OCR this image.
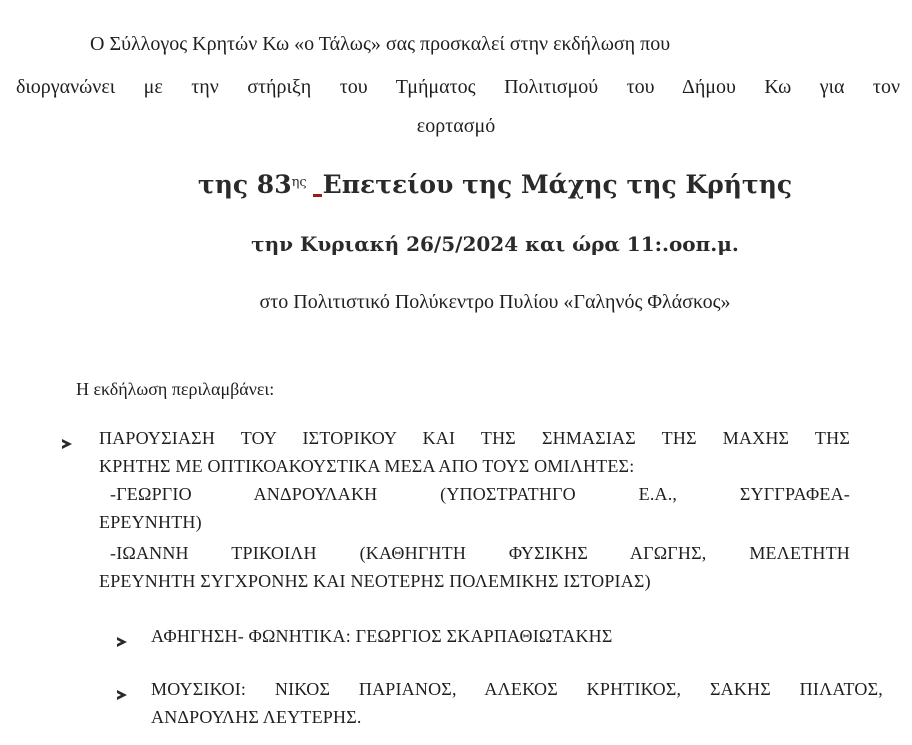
Ο Σύλλογος Κρητών Κω «ο Τάλως» σας προσκαλεί στην εκδήλωση που
διοργανώνει με την στήριξη του Τμήματος Πολιτισμού του Δήμου Κω για τον
εορτασμό
της $83^{\eta\varsigma}$ Επετείου της Μάχης της Κρήτης
την Κυριακή 26/5/2024 και ώρα 11:.οοπ.μ.
στο Πολιτιστικό Πολύκεντρο Πυλίου «Γαληνός Φλάσκος»
Η εκδήλωση περιλαμβάνει:
ΠΑΡΟΥΣΙΑΣΗ ΤΟΥ ΙΣΤΟΡΙΚΟΥ ΚΑΙ ΤΗΣ ΣΗΜΑΣΙΑΣ ΤΗΣ ΜΑΧΗΣ ΤΗΣ
ΚΡΗΤΗΣ ΜΕ ΟΠΤΙΚΟΑΚΟΥΣΤΙΚΑ ΜΕΣΑ ΑΠΟ ΤΟΥΣ ΟΜΙΛΗΤΕΣ:
-ΓΕΩΡΓΙΟ ΑΝΔΡΟΥΛΑΚΗ (ΥΠΟΣΤΡΑΤΗΓΟ Ε.Α., ΣΥΓΓΡΑΦΕΑ-
ΕΡΕΥΝΗΤΗ)
-ΙΩΑΝΝΗ ΤΡΙΚΟΙΛΗ (ΚΑΘΗΓΗΤΗ ΦΥΣΙΚΗΣ ΑΓΩΓΗΣ, ΜΕΛΕΤΗΤΗ
ΕΡΕΥΝΗΤΗ ΣΥΓΧΡΟΝΗΣ ΚΑΙ ΝΕΟΤΕΡΗΣ ΠΟΛΕΜΙΚΗΣ ΙΣΤΟΡΙΑΣ)
ΑΦΗΓΗΣΗ- ΦΩΝΗΤΙΚΑ: ΓΕΩΡΓΙΟΣ ΣΚΑΡΠΑΘΙΩΤΑΚΗΣ
ΜΟΥΣΙΚΟΙ: ΝΙΚΟΣ ΠΑΡΙΑΝΟΣ, ΑΛΕΚΟΣ ΚΡΗΤΙΚΟΣ, ΣΑΚΗΣ ΠΙΛΑΤΟΣ,
ΑΝΔΡΟΥΛΗΣ ΛΕΥΤΕΡΗΣ.
